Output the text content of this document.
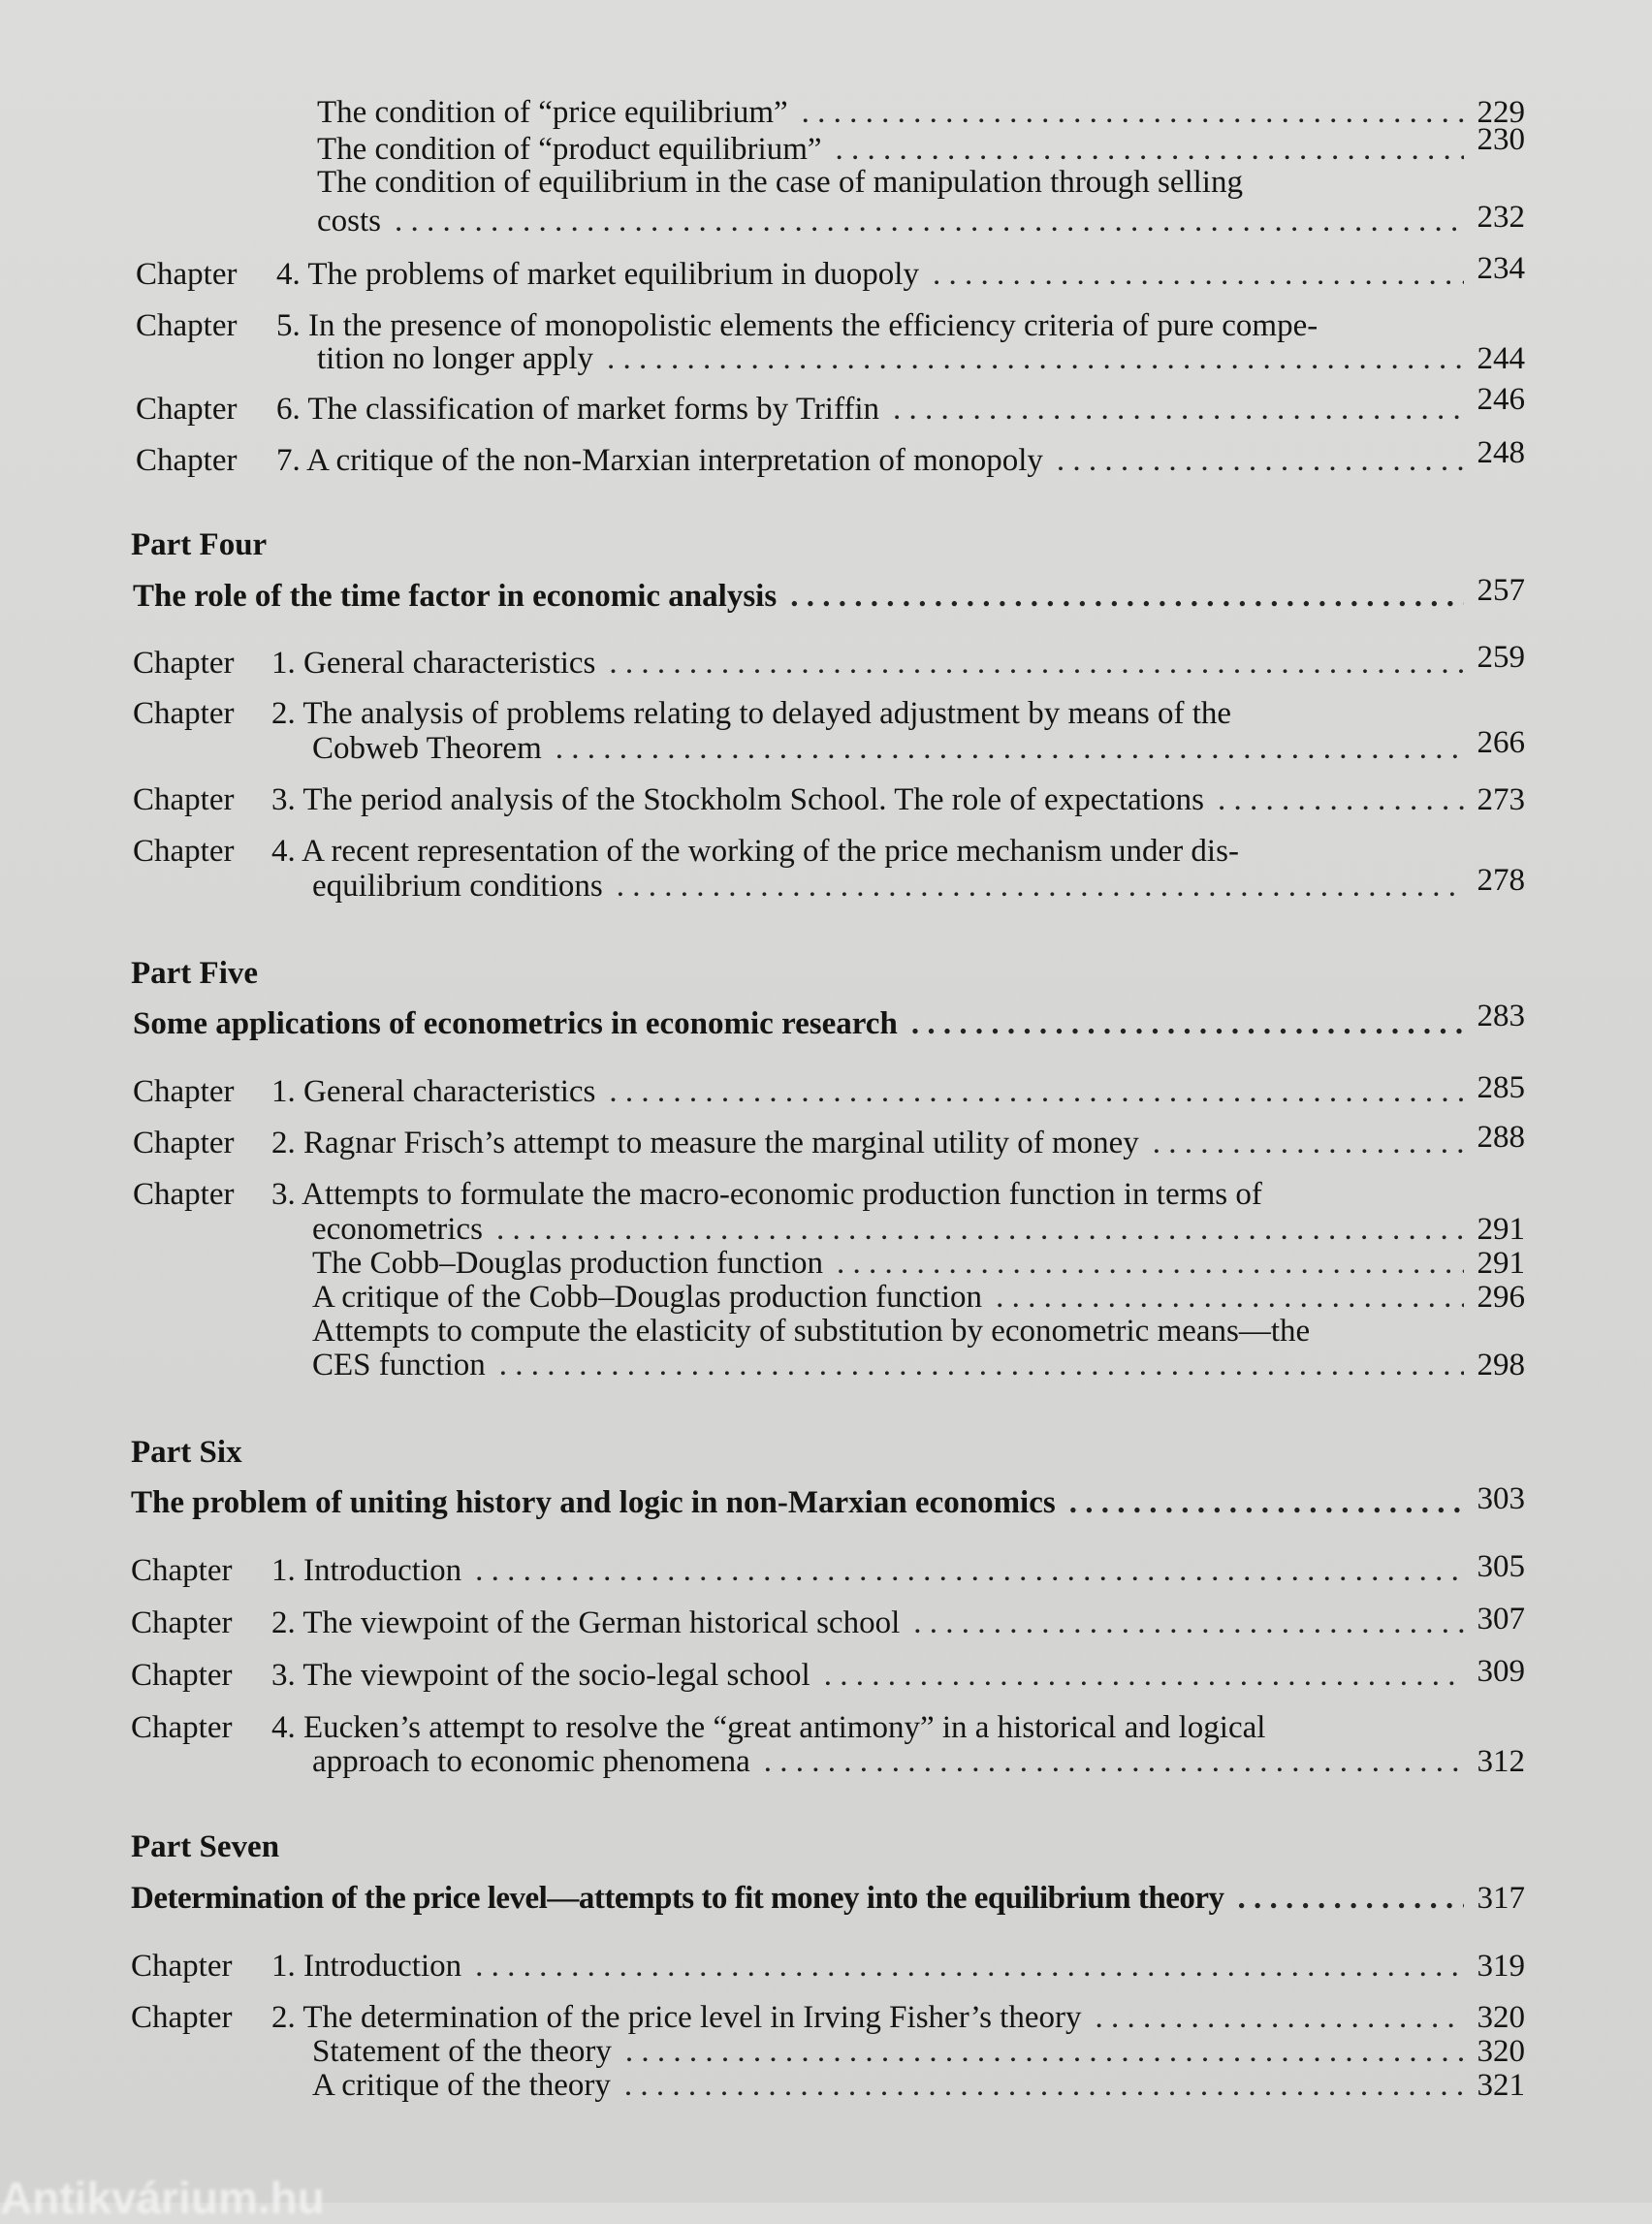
The condition of “price equilibrium” . . .	229
The condition of “product equilibrium” . . .	230
The condition of equilibrium in the case of manipulation through selling
costs . . .	232
Chapter 4. The problems of market equilibrium in duopoly . . .	234
Chapter 5. In the presence of monopolistic elements the efficiency criteria of pure compe-
tition no longer apply . . .	244
Chapter 6. The classification of market forms by Triffin . . .	246
Chapter 7. A critique of the non-Marxian interpretation of monopoly . . .	248
Part Four
The role of the time factor in economic analysis . . .	257
Chapter 1. General characteristics . . .	259
Chapter 2. The analysis of problems relating to delayed adjustment by means of the
Cobweb Theorem . . .	266
Chapter 3. The period analysis of the Stockholm School. The role of expectations . . .	273
Chapter 4. A recent representation of the working of the price mechanism under dis-
equilibrium conditions . . .	278
Part Five
Some applications of econometrics in economic research . . .	283
Chapter 1. General characteristics . . .	285
Chapter 2. Ragnar Frisch’s attempt to measure the marginal utility of money . . .	288
Chapter 3. Attempts to formulate the macro-economic production function in terms of
econometrics . . .	291
The Cobb–Douglas production function . . .	291
A critique of the Cobb–Douglas production function . . .	296
Attempts to compute the elasticity of substitution by econometric means—the
CES function . . .	298
Part Six
The problem of uniting history and logic in non-Marxian economics . . .	303
Chapter 1. Introduction . . .	305
Chapter 2. The viewpoint of the German historical school . . .	307
Chapter 3. The viewpoint of the socio-legal school . . .	309
Chapter 4. Eucken’s attempt to resolve the “great antimony” in a historical and logical
approach to economic phenomena . . .	312
Part Seven
Determination of the price level—attempts to fit money into the equilibrium theory . . .	317
Chapter 1. Introduction . . .	319
Chapter 2. The determination of the price level in Irving Fisher’s theory . . .	320
Statement of the theory . . .	320
A critique of the theory . . .	321
Antikvárium.hu
